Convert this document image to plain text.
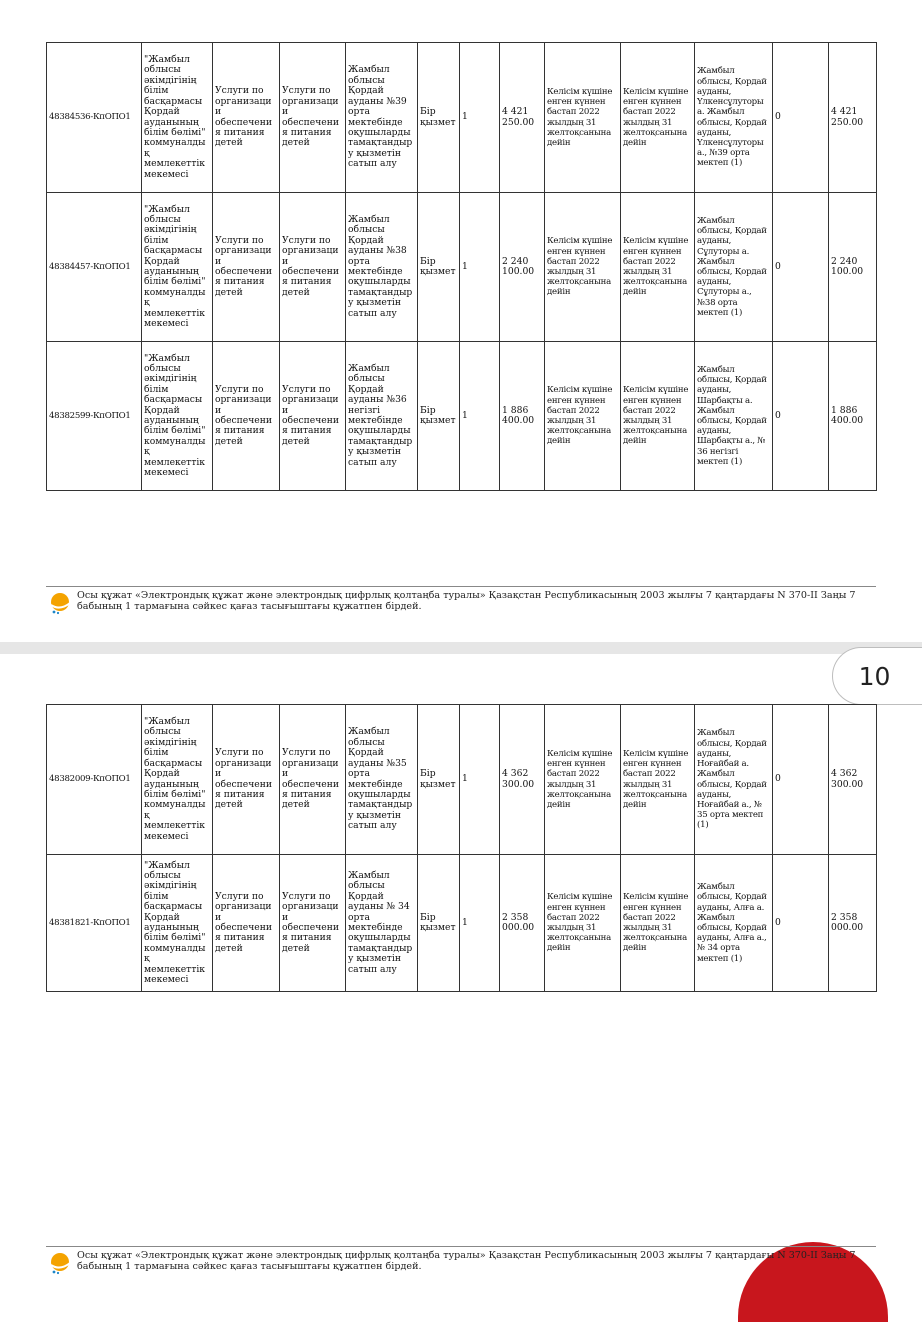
48384536-КпОПО1	"Жамбыл облысы әкімдігінің білім басқармасы Қордай ауданының білім бөлімі" коммуналдық мемлекеттік мекемесі	Услуги по организации обеспечения питания детей	Услуги по организации обеспечения питания детей	Жамбыл облысы Қордай ауданы №39 орта мектебінде оқушыларды тамақтандыру қызметін сатып алу	Бір қызмет	1	4 421 250.00	Келісім күшіне енген күннен бастап 2022 жылдың 31 желтоқсанына дейін	Келісім күшіне енген күннен бастап 2022 жылдың 31 желтоқсанына дейін	Жамбыл облысы, Қордай ауданы, Үлкенсұлуторы а. Жамбыл облысы, Қордай ауданы, Үлкенсұлуторы а., №39 орта мектеп (1)	0	4 421 250.00
48384457-КпОПО1	"Жамбыл облысы әкімдігінің білім басқармасы Қордай ауданының білім бөлімі" коммуналдық мемлекеттік мекемесі	Услуги по организации обеспечения питания детей	Услуги по организации обеспечения питания детей	Жамбыл облысы Қордай ауданы №38 орта мектебінде оқушыларды тамақтандыру қызметін сатып алу	Бір қызмет	1	2 240 100.00	Келісім күшіне енген күннен бастап 2022 жылдың 31 желтоқсанына дейін	Келісім күшіне енген күннен бастап 2022 жылдың 31 желтоқсанына дейін	Жамбыл облысы, Қордай ауданы, Сұлуторы а. Жамбыл облысы, Қордай ауданы, Сұлуторы а., №38 орта мектеп (1)	0	2 240 100.00
48382599-КпОПО1	"Жамбыл облысы әкімдігінің білім басқармасы Қордай ауданының білім бөлімі" коммуналдық мемлекеттік мекемесі	Услуги по организации обеспечения питания детей	Услуги по организации обеспечения питания детей	Жамбыл облысы Қордай ауданы №36 негізгі мектебінде оқушыларды тамақтандыру қызметін сатып алу	Бір қызмет	1	1 886 400.00	Келісім күшіне енген күннен бастап 2022 жылдың 31 желтоқсанына дейін	Келісім күшіне енген күннен бастап 2022 жылдың 31 желтоқсанына дейін	Жамбыл облысы, Қордай ауданы, Шарбақты а. Жамбыл облысы, Қордай ауданы, Шарбақты а., № 36 негізгі мектеп (1)	0	1 886 400.00
Осы құжат «Электрондық құжат және электрондық цифрлық қолтаңба туралы» Қазақстан Республикасының 2003 жылғы 7 қаңтардағы N 370-II Заңы 7 бабының 1 тармағына сәйкес қағаз тасығыштағы құжатпен бірдей.
10
48382009-КпОПО1	"Жамбыл облысы әкімдігінің білім басқармасы Қордай ауданының білім бөлімі" коммуналдық мемлекеттік мекемесі	Услуги по организации обеспечения питания детей	Услуги по организации обеспечения питания детей	Жамбыл облысы Қордай ауданы №35 орта мектебінде оқушыларды тамақтандыру қызметін сатып алу	Бір қызмет	1	4 362 300.00	Келісім күшіне енген күннен бастап 2022 жылдың 31 желтоқсанына дейін	Келісім күшіне енген күннен бастап 2022 жылдың 31 желтоқсанына дейін	Жамбыл облысы, Қордай ауданы, Ноғайбай а. Жамбыл облысы, Қордай ауданы, Ноғайбай а., № 35 орта мектеп (1)	0	4 362 300.00
48381821-КпОПО1	"Жамбыл облысы әкімдігінің білім басқармасы Қордай ауданының білім бөлімі" коммуналдық мемлекеттік мекемесі	Услуги по организации обеспечения питания детей	Услуги по организации обеспечения питания детей	Жамбыл облысы Қордай ауданы № 34 орта мектебінде оқушыларды тамақтандыру қызметін сатып алу	Бір қызмет	1	2 358 000.00	Келісім күшіне енген күннен бастап 2022 жылдың 31 желтоқсанына дейін	Келісім күшіне енген күннен бастап 2022 жылдың 31 желтоқсанына дейін	Жамбыл облысы, Қордай ауданы, Алға а. Жамбыл облысы, Қордай ауданы, Алға а., № 34 орта мектеп (1)	0	2 358 000.00
Осы құжат «Электрондық құжат және электрондық цифрлық қолтаңба туралы» Қазақстан Республикасының 2003 жылғы 7 қаңтардағы N 370-II Заңы 7 бабының 1 тармағына сәйкес қағаз тасығыштағы құжатпен бірдей.
